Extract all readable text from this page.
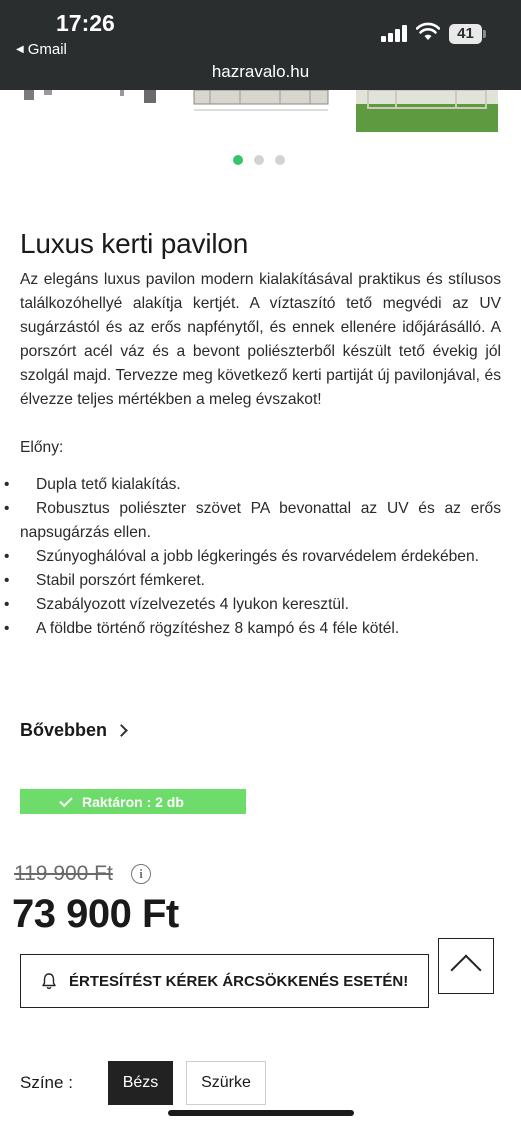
17:26
◀ Gmail
41
hazravalo.hu
Luxus kerti pavilon

Az elegáns luxus pavilon modern kialakításával praktikus és stílusos találkozóhellyé alakítja kertjét. A víztaszító tető megvédi az UV sugárzástól és az erős napfénytől, és ennek ellenére időjárásálló. A porszórt acél váz és a bevont poliészterből készült tető évekig jól szolgál majd. Tervezze meg következő kerti partiját új pavilonjával, és élvezze teljes mértékben a meleg évszakot!

Előny:
• Dupla tető kialakítás.
• Robusztus poliészter szövet PA bevonattal az UV és az erős napsugárzás ellen.
• Szúnyoghálóval a jobb légkeringés és rovarvédelem érdekében.
• Stabil porszórt fémkeret.
• Szabályozott vízelvezetés 4 lyukon keresztül.
• A földbe történő rögzítéshez 8 kampó és 4 féle kötél.
Bővebben
Raktáron : 2 db
119 900 Ft	i
73 900 Ft
ÉRTESÍTÉST KÉREK ÁRCSÖKKENÉS ESETÉN!
Színe :	Bézs	Szürke
